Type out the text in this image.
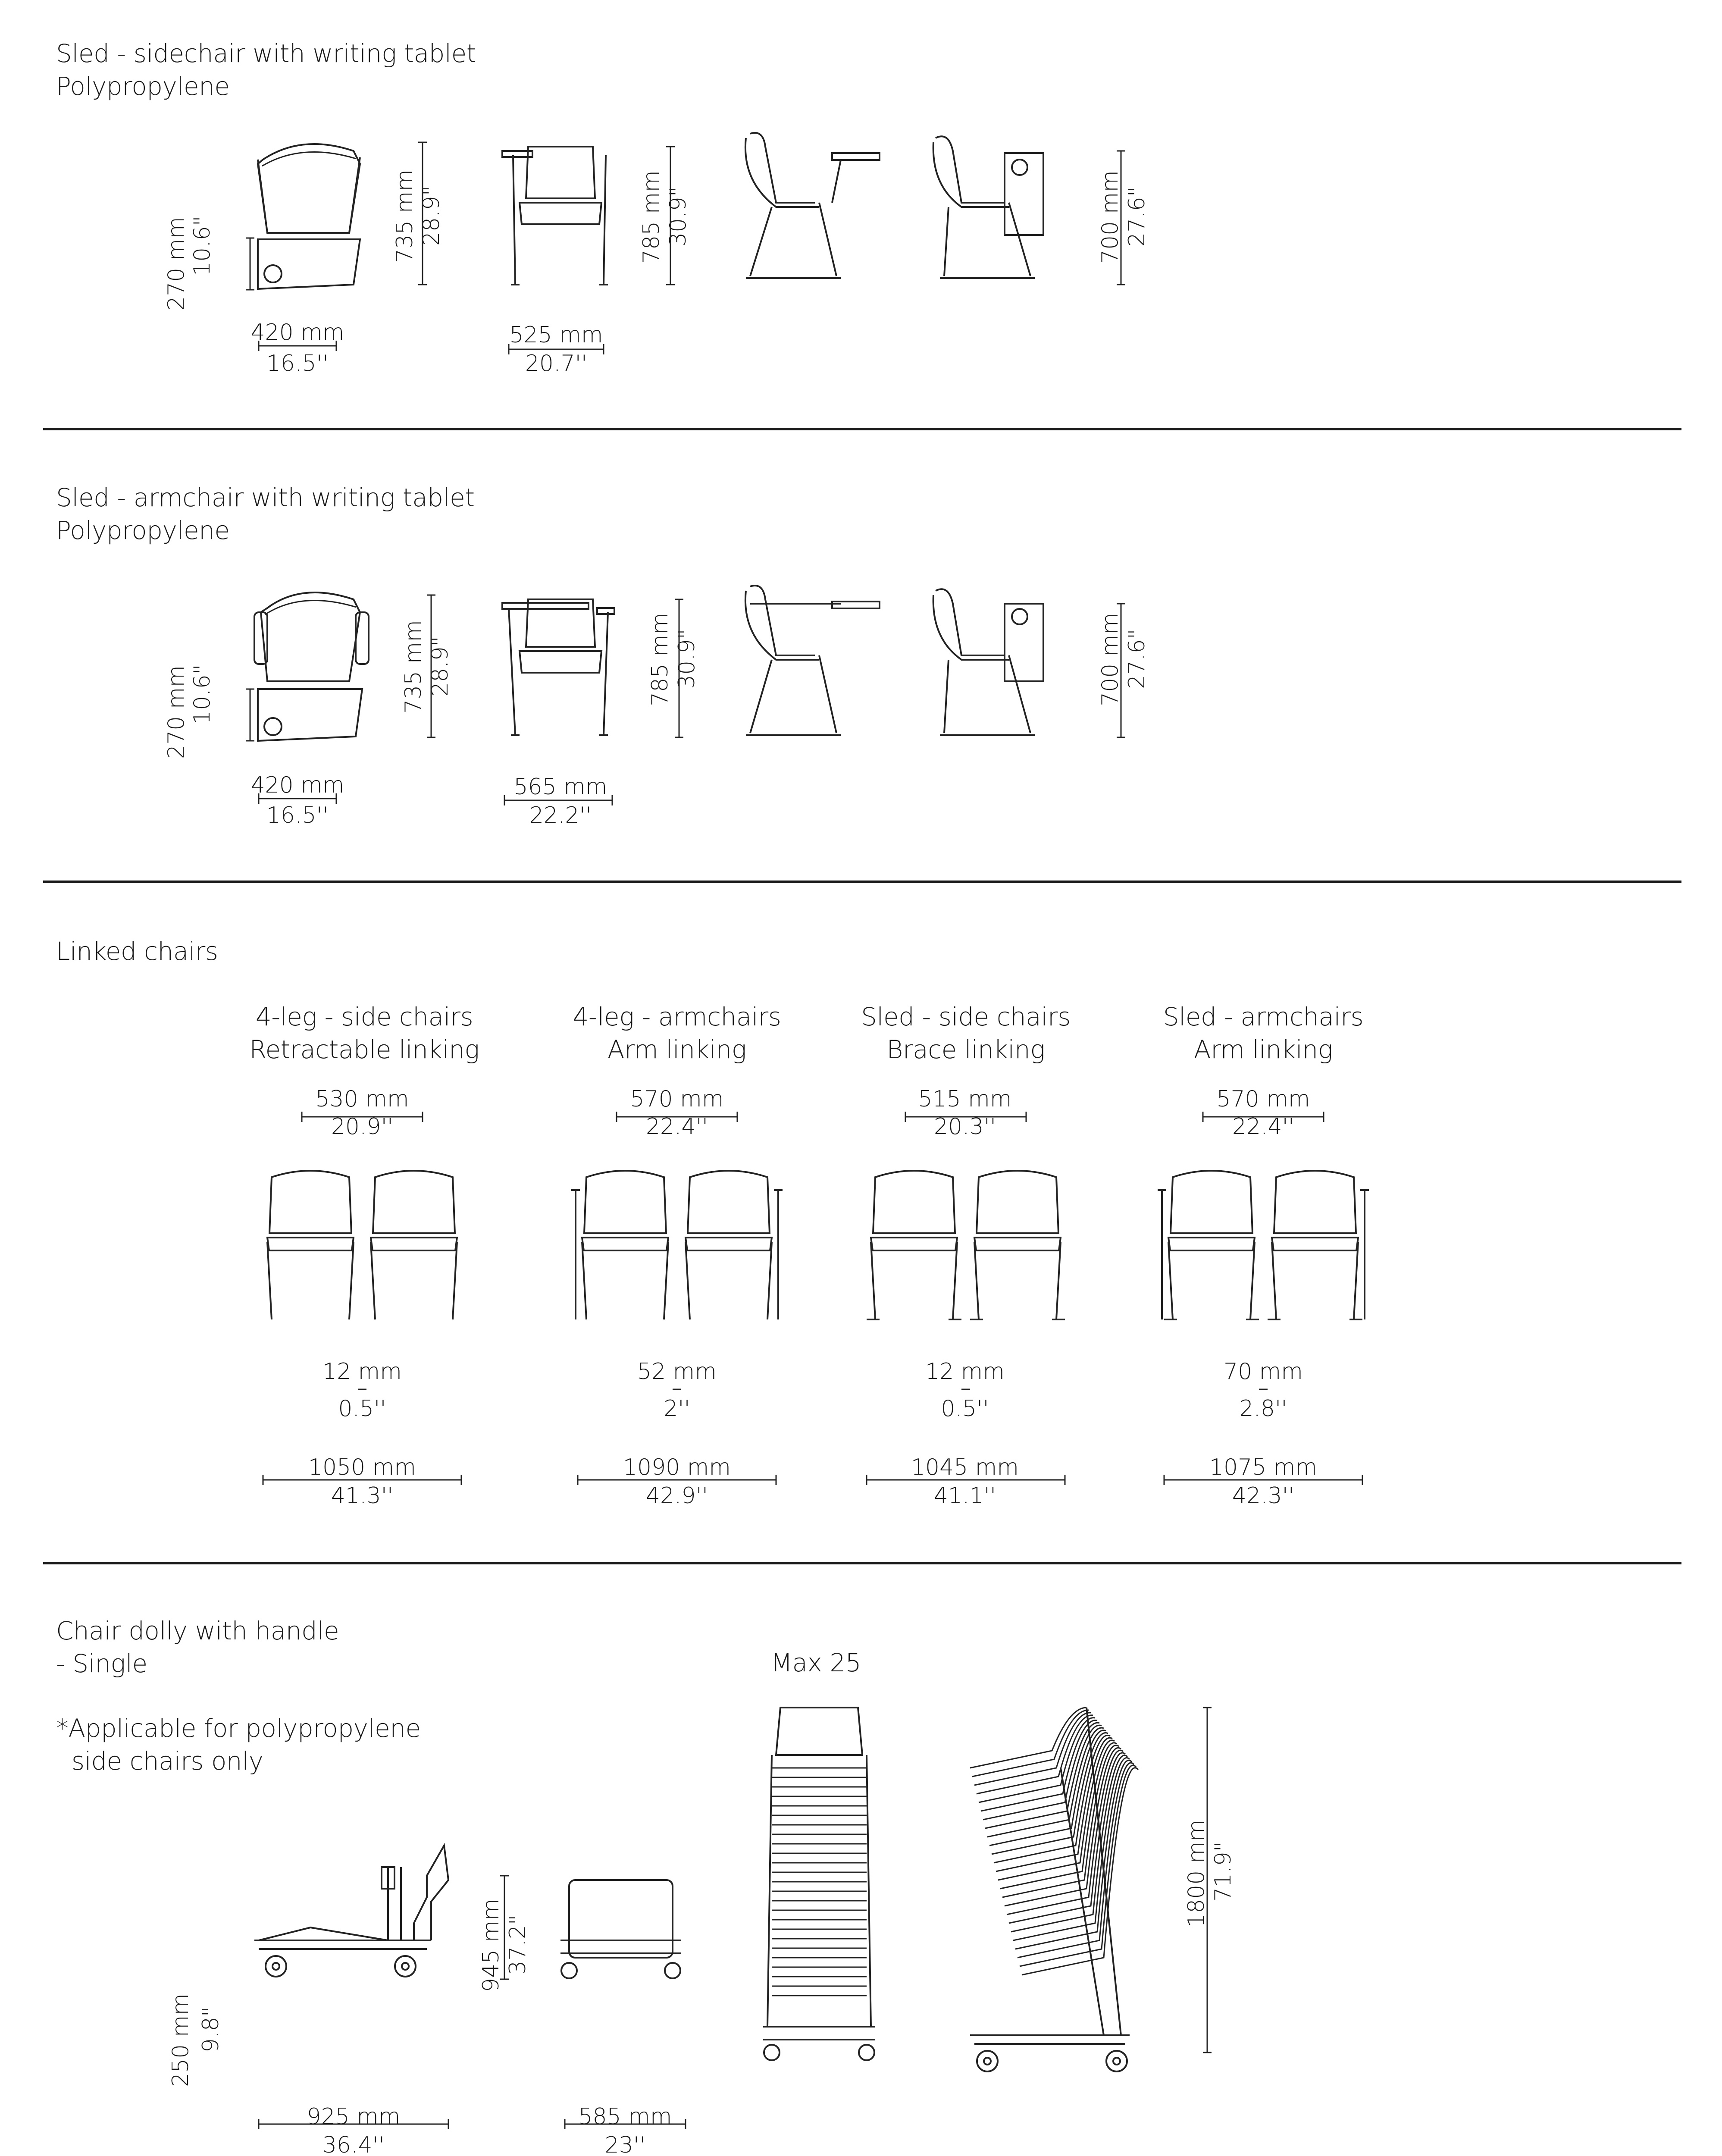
Sled - sidechair with writing tablet
Polypropylene
270 mm 10.6"
420 mm
16.5''
735 mm 28.9"
525 mm
20.7''
785 mm 30.9"	700 mm 27.6"
Sled - armchair with writing tablet
Polypropylene
270 mm 10.6"
420 mm
16.5''
735 mm 28.9"
565 mm
22.2''
785 mm 30.9"	700 mm 27.6"
Linked chairs
4-leg - side chairs
Retractable linking
530 mm
20.9''
12 mm
0.5''
1050 mm
41.3''
4-leg - armchairs
Arm linking
570 mm
22.4''
52 mm
2''
1090 mm
42.9''
Sled - side chairs
Brace linking
515 mm
20.3''
12 mm
0.5''
1045 mm
41.1''
Sled - armchairs
Arm linking
570 mm
22.4''
70 mm
2.8''
1075 mm
42.3''
Chair dolly with handle
- Single
*Applicable for polypropylene
side chairs only
Max 25
250 mm 9.8"
925 mm
36.4''
945 mm 37.2"
585 mm
23''
1800 mm 71.9"
